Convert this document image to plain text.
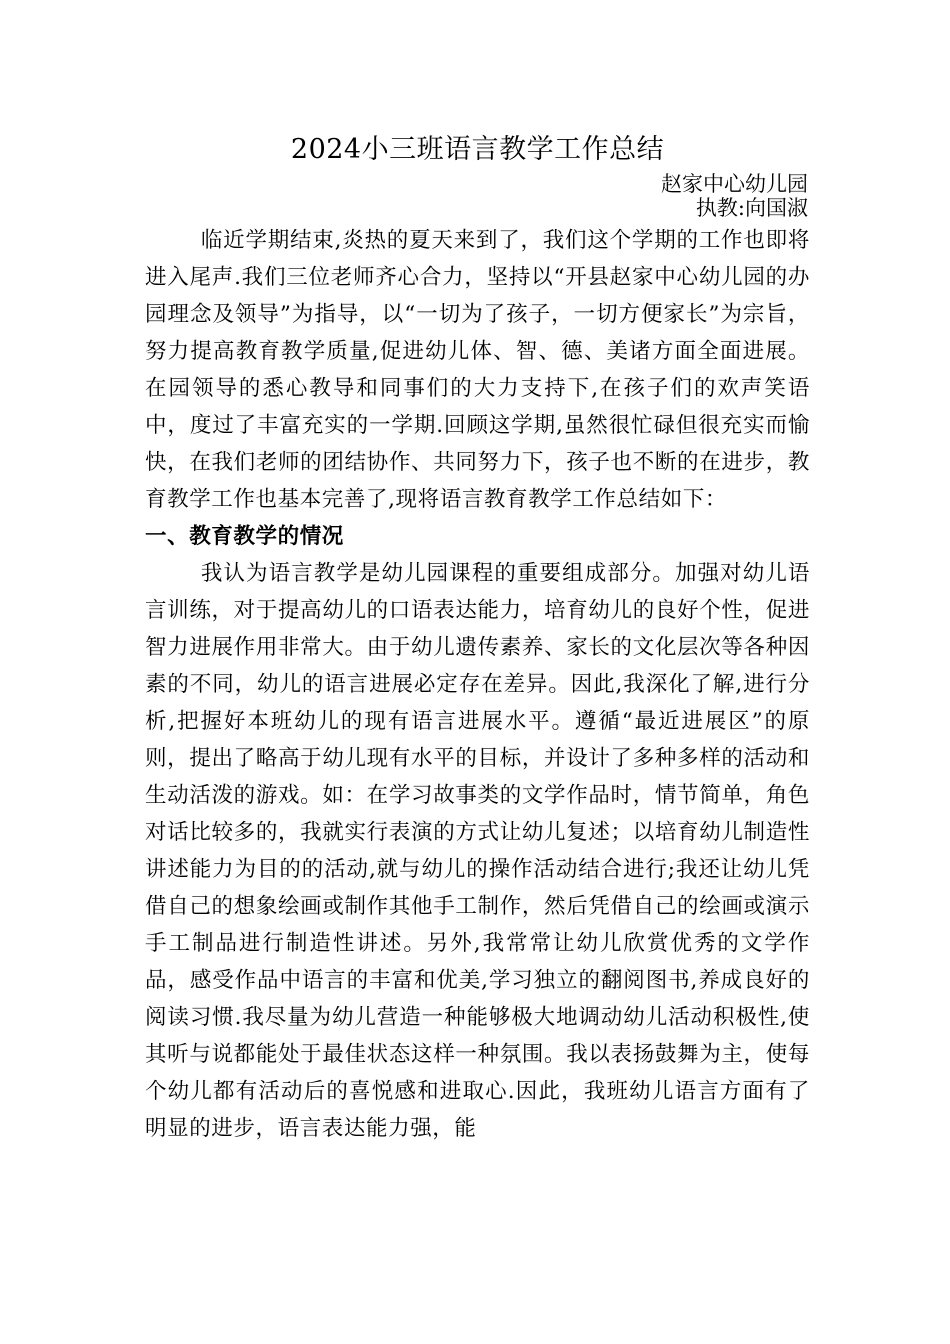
2024小三班语言教学工作总结
赵家中心幼儿园
执教:向国淑

临近学期结束,炎热的夏天来到了，我们这个学期的工作也即将进入尾声.我们三位老师齐心合力，坚持以“开县赵家中心幼儿园的办园理念及领导”为指导，以“一切为了孩子，一切方便家长”为宗旨，努力提高教育教学质量,促进幼儿体、智、德、美诸方面全面进展。在园领导的悉心教导和同事们的大力支持下,在孩子们的欢声笑语中，度过了丰富充实的一学期.回顾这学期,虽然很忙碌但很充实而愉快，在我们老师的团结协作、共同努力下，孩子也不断的在进步，教育教学工作也基本完善了,现将语言教育教学工作总结如下：

一、教育教学的情况

我认为语言教学是幼儿园课程的重要组成部分。加强对幼儿语言训练，对于提高幼儿的口语表达能力，培育幼儿的良好个性，促进智力进展作用非常大。由于幼儿遗传素养、家长的文化层次等各种因素的不同，幼儿的语言进展必定存在差异。因此,我深化了解,进行分析,把握好本班幼儿的现有语言进展水平。遵循“最近进展区”的原则，提出了略高于幼儿现有水平的目标，并设计了多种多样的活动和生动活泼的游戏。如：在学习故事类的文学作品时，情节简单，角色对话比较多的，我就实行表演的方式让幼儿复述；以培育幼儿制造性讲述能力为目的的活动,就与幼儿的操作活动结合进行;我还让幼儿凭借自己的想象绘画或制作其他手工制作，然后凭借自己的绘画或演示手工制品进行制造性讲述。另外,我常常让幼儿欣赏优秀的文学作品，感受作品中语言的丰富和优美,学习独立的翻阅图书,养成良好的阅读习惯.我尽量为幼儿营造一种能够极大地调动幼儿活动积极性,使其听与说都能处于最佳状态这样一种氛围。我以表扬鼓舞为主，使每个幼儿都有活动后的喜悦感和进取心.因此，我班幼儿语言方面有了明显的进步，语言表达能力强，能
